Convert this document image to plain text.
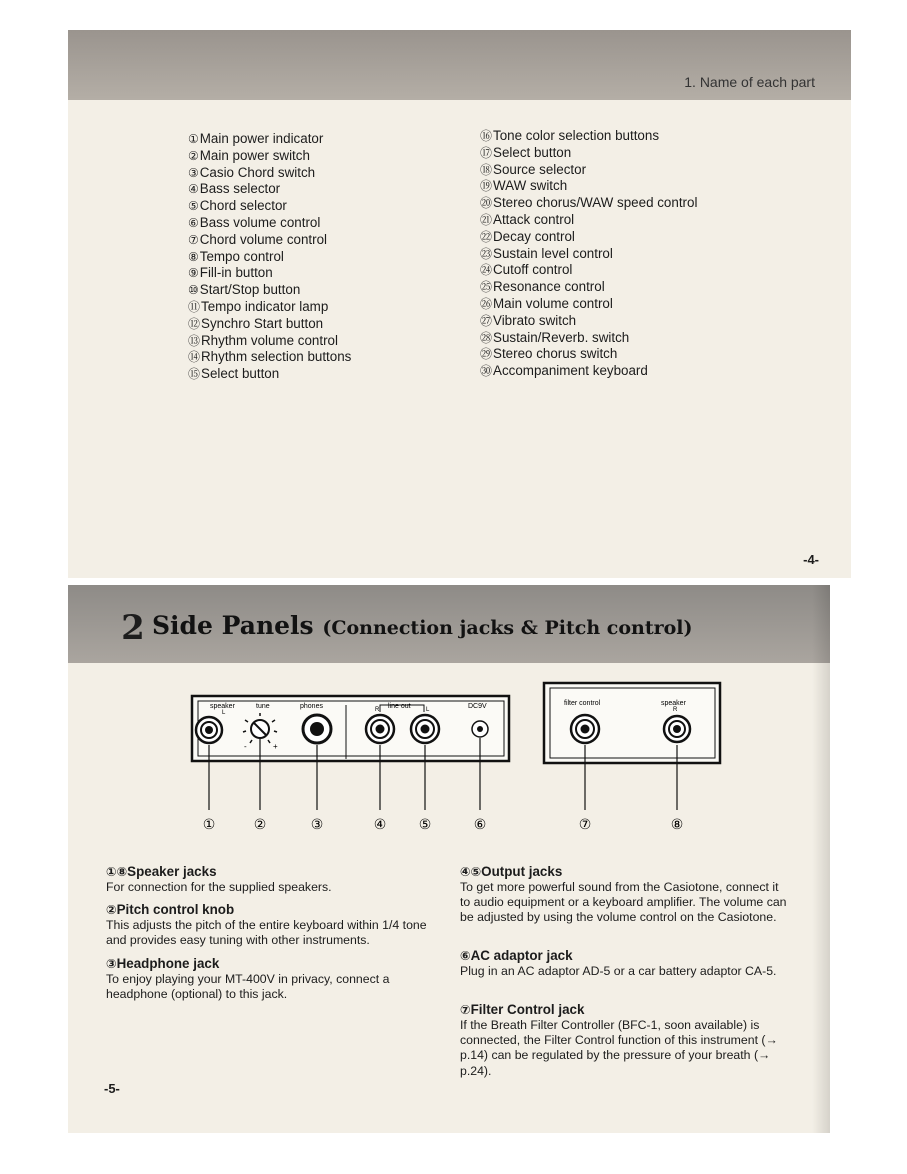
1. Name of each part
①Main power indicator
②Main power switch
③Casio Chord switch
④Bass selector
⑤Chord selector
⑥Bass volume control
⑦Chord volume control
⑧Tempo control
⑨Fill-in button
⑩Start/Stop button
⑪Tempo indicator lamp
⑫Synchro Start button
⑬Rhythm volume control
⑭Rhythm selection buttons
⑮Select button
⑯Tone color selection buttons
⑰Select button
⑱Source selector
⑲WAW switch
⑳Stereo chorus/WAW speed control
㉑Attack control
㉒Decay control
㉓Sustain level control
㉔Cutoff control
㉕Resonance control
㉖Main volume control
㉗Vibrato switch
㉘Sustain/Reverb. switch
㉙Stereo chorus switch
㉚Accompaniment keyboard
-4-
2 Side Panels (Connection jacks & Pitch control)
speaker
L
tune	phones	line out
R	L	DC9V
-	+
filter control	speaker
R
①	②	③	④ ⑤	⑥	⑦	⑧
①⑧Speaker jacks
For connection for the supplied speakers.
②Pitch control knob
This adjusts the pitch of the entire keyboard within 1/4 tone and provides easy tuning with other instruments.
③Headphone jack
To enjoy playing your MT-400V in privacy, connect a headphone (optional) to this jack.
④⑤Output jacks
To get more powerful sound from the Casiotone, connect it to audio equipment or a keyboard amplifier. The volume can be adjusted by using the volume control on the Casiotone.
⑥AC adaptor jack
Plug in an AC adaptor AD-5 or a car battery adaptor CA-5.
⑦Filter Control jack
If the Breath Filter Controller (BFC-1, soon available) is connected, the Filter Control function of this instrument (→ p.14) can be regulated by the pressure of your breath (→ p.24).
-5-
